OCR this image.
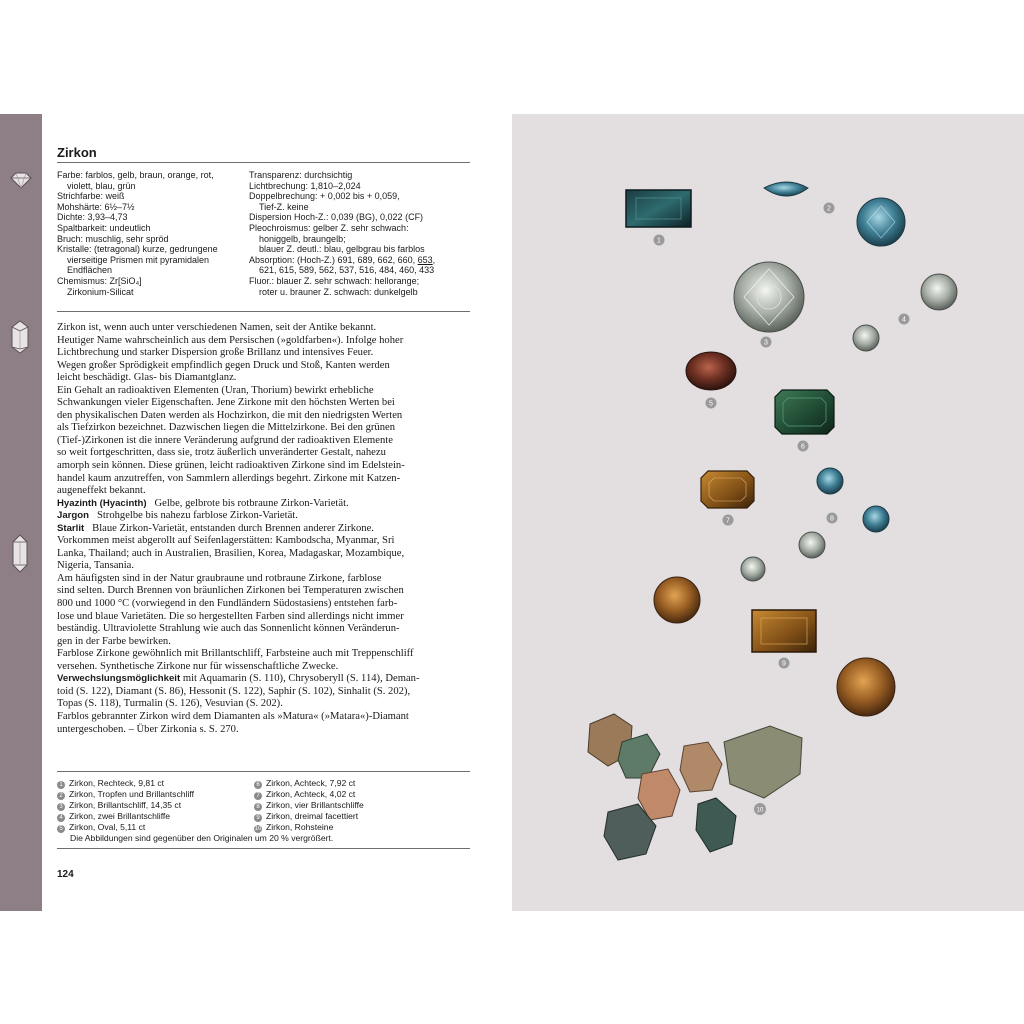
Zirkon
Farbe: farblos, gelb, braun, orange, rot,
violett, blau, grün
Strichfarbe: weiß
Mohshärte: 6½–7½
Dichte: 3,93–4,73
Spaltbarkeit: undeutlich
Bruch: muschlig, sehr spröd
Kristalle: (tetragonal) kurze, gedrungene
vierseitige Prismen mit pyramidalen
Endflächen
Chemismus: Zr[SiO₄]
Zirkonium-Silicat
Transparenz: durchsichtig
Lichtbrechung: 1,810–2,024
Doppelbrechung: + 0,002 bis + 0,059,
Tief-Z. keine
Dispersion Hoch-Z.: 0,039 (BG), 0,022 (CF)
Pleochroismus: gelber Z. sehr schwach:
honiggelb, braungelb;
blauer Z. deutl.: blau, gelbgrau bis farblos
Absorption: (Hoch-Z.) 691, 689, 662, 660, 653,
621, 615, 589, 562, 537, 516, 484, 460, 433
Fluor.: blauer Z. sehr schwach: hellorange;
roter u. brauner Z. schwach: dunkelgelb
Zirkon ist, wenn auch unter verschiedenen Namen, seit der Antike bekannt.
Heutiger Name wahrscheinlich aus dem Persischen (»goldfarben«). Infolge hoher
Lichtbrechung und starker Dispersion große Brillanz und intensives Feuer.
Wegen großer Sprödigkeit empfindlich gegen Druck und Stoß, Kanten werden
leicht beschädigt. Glas- bis Diamantglanz.
Ein Gehalt an radioaktiven Elementen (Uran, Thorium) bewirkt erhebliche
Schwankungen vieler Eigenschaften. Jene Zirkone mit den höchsten Werten bei
den physikalischen Daten werden als Hochzirkon, die mit den niedrigsten Werten
als Tiefzirkon bezeichnet. Dazwischen liegen die Mittelzirkone. Bei den grünen
(Tief-)Zirkonen ist die innere Veränderung aufgrund der radioaktiven Elemente
so weit fortgeschritten, dass sie, trotz äußerlich unveränderter Gestalt, nahezu
amorph sein können. Diese grünen, leicht radioaktiven Zirkone sind im Edelstein-
handel kaum anzutreffen, von Sammlern allerdings begehrt. Zirkone mit Katzen-
augeneffekt bekannt.
Hyazinth (Hyacinth) Gelbe, gelbrote bis rotbraune Zirkon-Varietät.
Jargon Strohgelbe bis nahezu farblose Zirkon-Varietät.
Starlit Blaue Zirkon-Varietät, entstanden durch Brennen anderer Zirkone.
Vorkommen meist abgerollt auf Seifenlagerstätten: Kambodscha, Myanmar, Sri
Lanka, Thailand; auch in Australien, Brasilien, Korea, Madagaskar, Mozambique,
Nigeria, Tansania.
Am häufigsten sind in der Natur graubraune und rotbraune Zirkone, farblose
sind selten. Durch Brennen von bräunlichen Zirkonen bei Temperaturen zwischen
800 und 1000 °C (vorwiegend in den Fundländern Südostasiens) entstehen farb-
lose und blaue Varietäten. Die so hergestellten Farben sind allerdings nicht immer
beständig. Ultraviolette Strahlung wie auch das Sonnenlicht können Veränderun-
gen in der Farbe bewirken.
Farblose Zirkone gewöhnlich mit Brillantschliff, Farbsteine auch mit Treppenschliff
versehen. Synthetische Zirkone nur für wissenschaftliche Zwecke.
Verwechslungsmöglichkeit mit Aquamarin (S. 110), Chrysoberyll (S. 114), Deman-
toid (S. 122), Diamant (S. 86), Hessonit (S. 122), Saphir (S. 102), Sinhalit (S. 202),
Topas (S. 118), Turmalin (S. 126), Vesuvian (S. 202).
Farblos gebrannter Zirkon wird dem Diamanten als »Matura« (»Matara«)-Diamant
untergeschoben. – Über Zirkonia s. S. 270.
1 Zirkon, Rechteck, 9,81 ct
2 Zirkon, Tropfen und Brillantschliff
3 Zirkon, Brillantschliff, 14,35 ct
4 Zirkon, zwei Brillantschliffe
5 Zirkon, Oval, 5,11 ct
6 Zirkon, Achteck, 7,92 ct
7 Zirkon, Achteck, 4,02 ct
8 Zirkon, vier Brillantschliffe
9 Zirkon, dreimal facettiert
10 Zirkon, Rohsteine
Die Abbildungen sind gegenüber den Originalen um 20 % vergrößert.
124
1
2
3
4
5
6
7	8
9
10
